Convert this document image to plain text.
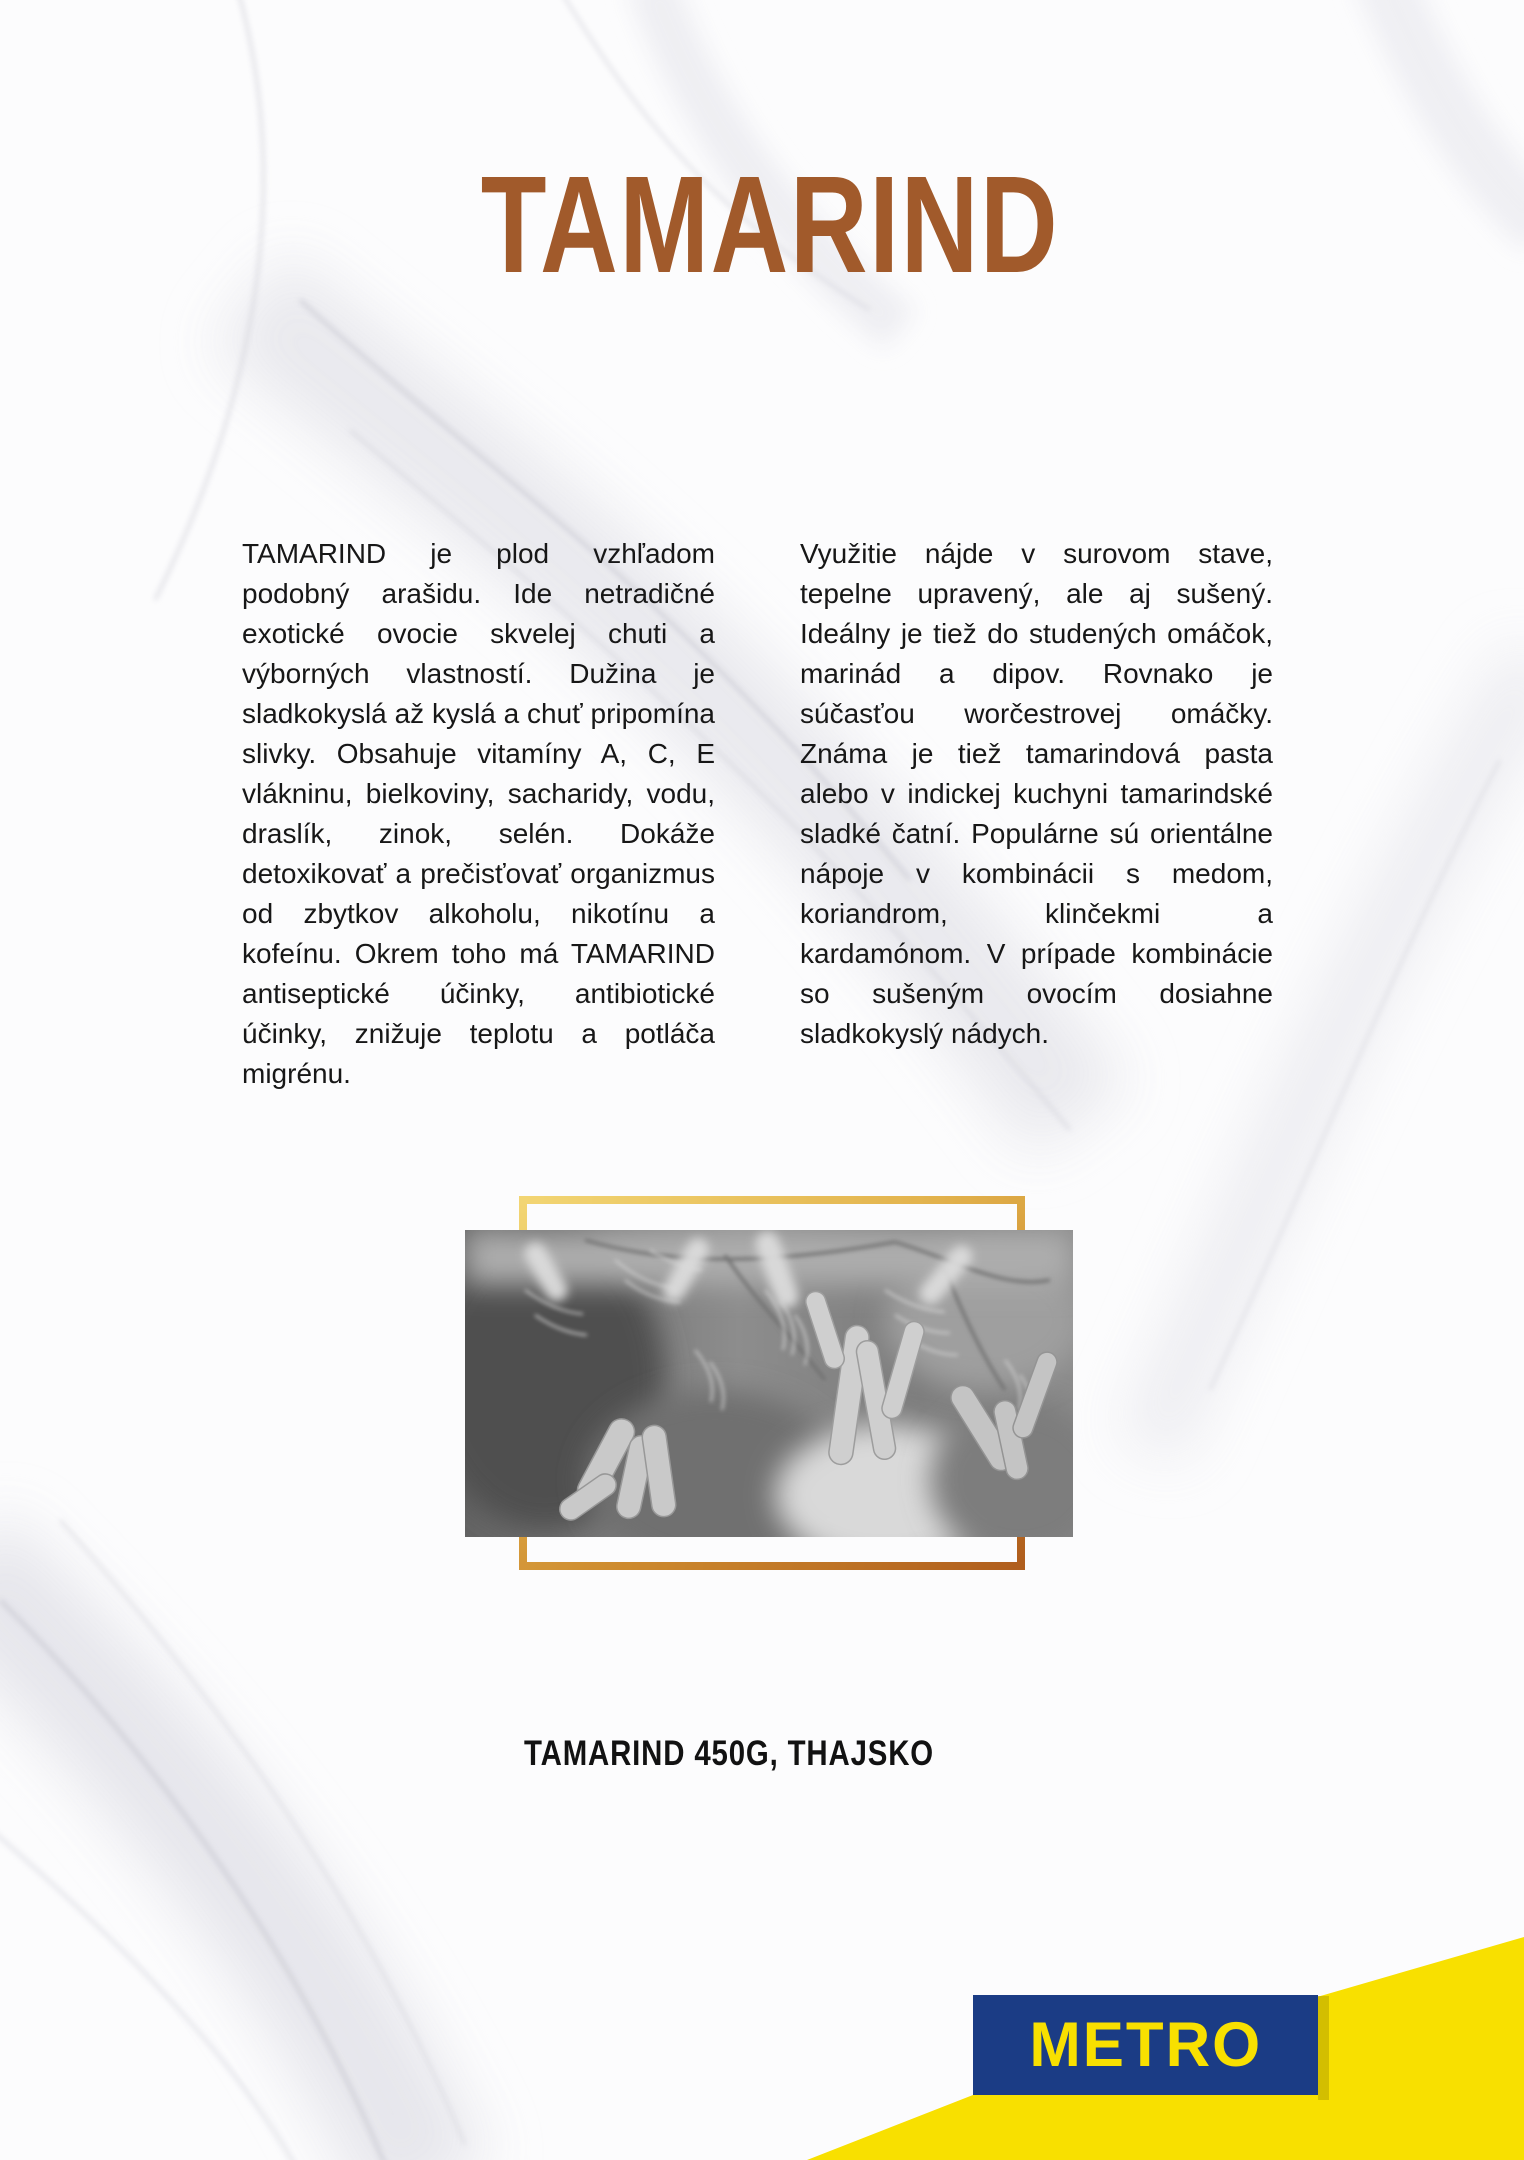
TAMARIND

TAMARIND je plod vzhľadom podobný arašidu. Ide netradičné exotické ovocie skvelej chuti a výborných vlastností. Dužina je sladkokyslá až kyslá a chuť pripomína slivky. Obsahuje vitamíny A, C, E vlákninu, bielkoviny, sacharidy, vodu, draslík, zinok, selén. Dokáže detoxikovať a prečisťovať organizmus od zbytkov alkoholu, nikotínu a kofeínu. Okrem toho má TAMARIND antiseptické účinky, antibiotické účinky, znižuje teplotu a potláča migrénu.

Využitie nájde v surovom stave, tepelne upravený, ale aj sušený. Ideálny je tiež do studených omáčok, marinád a dipov. Rovnako je súčasťou worčestrovej omáčky. Známa je tiež tamarindová pasta alebo v indickej kuchyni tamarindské sladké čatní. Populárne sú orientálne nápoje v kombinácii s medom, koriandrom, klinčekmi a kardamónom. V prípade kombinácie so sušeným ovocím dosiahne sladkokyslý nádych.

TAMARIND 450G, THAJSKO
METRO
